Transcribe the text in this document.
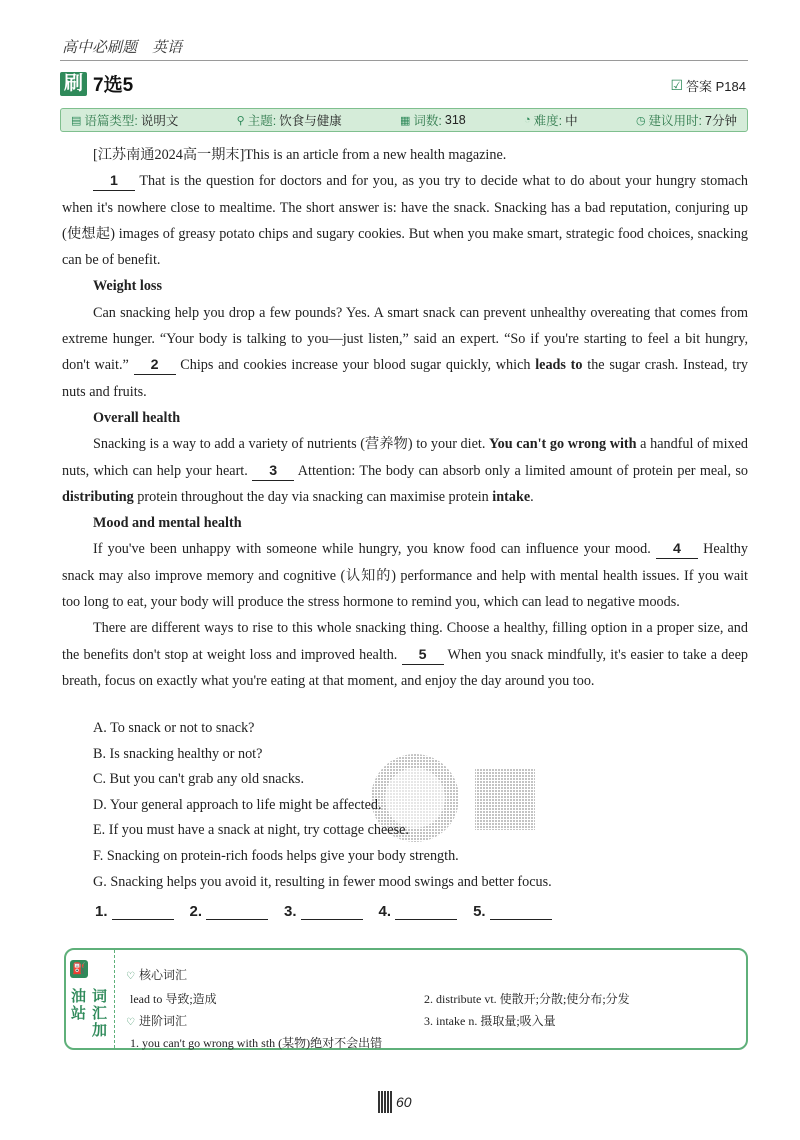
高中必刷题　英语
刷 7选5	☑ 答案 P184
▤ 语篇类型: 说明文	⚲ 主题: 饮食与健康	▦ 词数: 318	◔ 难度: 中	◷ 建议用时: 7分钟

[江苏南通2024高一期末]This is an article from a new health magazine.

1 That is the question for doctors and for you, as you try to decide what to do about your hungry stomach when it's nowhere close to mealtime. The short answer is: have the snack. Snacking has a bad reputation, conjuring up (使想起) images of greasy potato chips and sugary cookies. But when you make smart, strategic food choices, snacking can be of benefit.

Weight loss

Can snacking help you drop a few pounds? Yes. A smart snack can prevent unhealthy overeating that comes from extreme hunger. “Your body is talking to you—just listen,” said an expert. “So if you're starting to feel a bit hungry, don't wait.” 2 Chips and cookies increase your blood sugar quickly, which leads to the sugar crash. Instead, try nuts and fruits.

Overall health

Snacking is a way to add a variety of nutrients (营养物) to your diet. You can't go wrong with a handful of mixed nuts, which can help your heart. 3 Attention: The body can absorb only a limited amount of protein per meal, so distributing protein throughout the day via snacking can maximise protein intake.

Mood and mental health

If you've been unhappy with someone while hungry, you know food can influence your mood. 4 Healthy snack may also improve memory and cognitive (认知的) performance and help with mental health issues. If you wait too long to eat, your body will produce the stress hormone to remind you, which can lead to negative moods.

There are different ways to rise to this whole snacking thing. Choose a healthy, filling option in a proper size, and the benefits don't stop at weight loss and improved health. 5 When you snack mindfully, it's easier to take a deep breath, focus on exactly what you're eating at that moment, and enjoy the day around you too.

A. To snack or not to snack?

B. Is snacking healthy or not?

C. But you can't grab any old snacks.

D. Your general approach to life might be affected.

E. If you must have a snack at night, try cottage cheese.

F. Snacking on protein-rich foods helps give your body strength.

G. Snacking helps you avoid it, resulting in fewer mood swings and better focus.

1.	2.	3.	4.	5.
⛽
词汇加油站
♡ 核心词汇
lead to 导致;造成	2. distribute vt. 使散开;分散;使分布;分发
♡ 进阶词汇	3. intake n. 摄取量;吸入量
1. you can't go wrong with sth (某物)绝对不会出错
60
